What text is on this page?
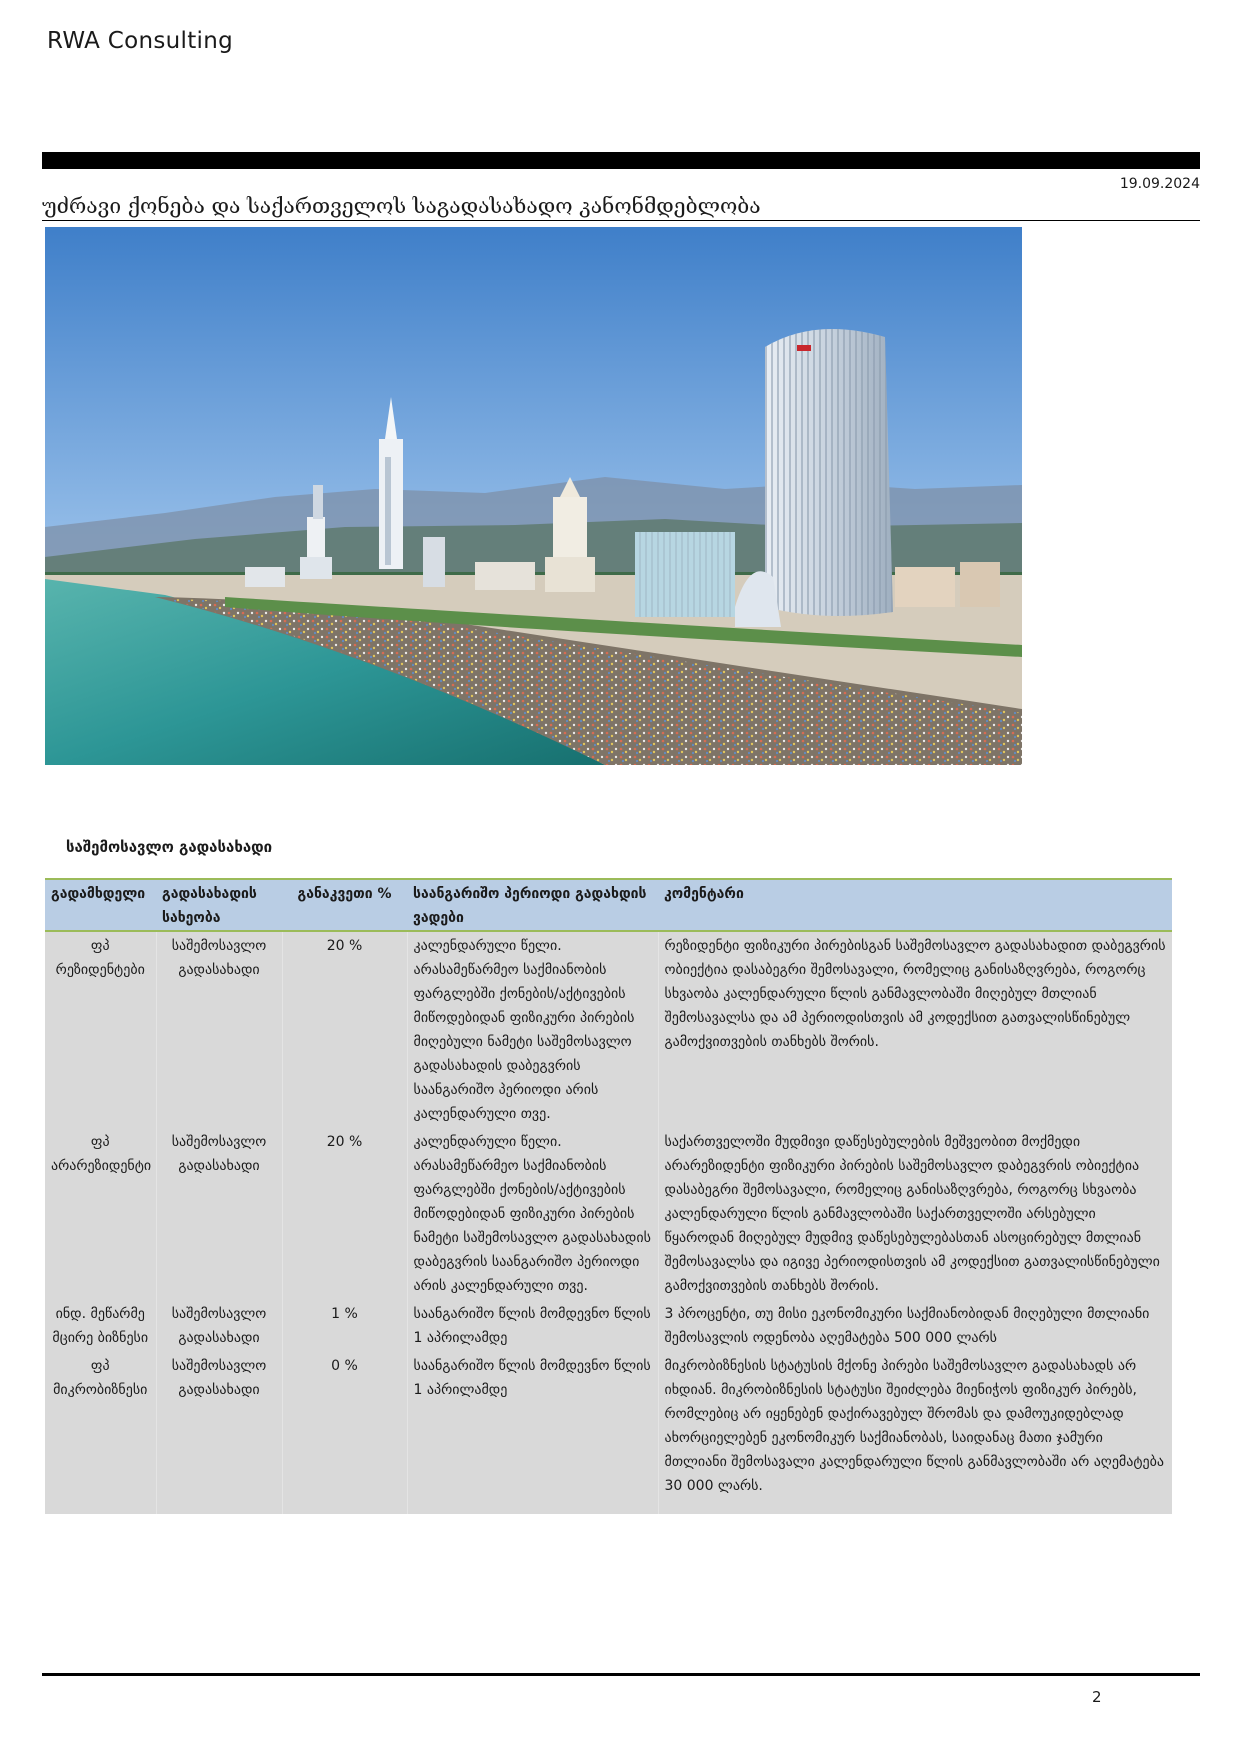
RWA Consulting
19.09.2024
უძრავი ქონება და საქართველოს საგადასახადო კანონმდებლობა
საშემოსავლო გადასახადი
გადამხდელი	გადასახადის სახეობა	განაკვეთი %	საანგარიშო პერიოდი გადახდის ვადები	კომენტარი
ფპ რეზიდენტები	საშემოსავლო გადასახადი	20 %	კალენდარული წელი. არასამეწარმეო საქმიანობის ფარგლებში ქონების/აქტივების მიწოდებიდან ფიზიკური პირების მიღებული ნამეტი საშემოსავლო გადასახადის დაბეგვრის საანგარიშო პერიოდი არის კალენდარული თვე.	რეზიდენტი ფიზიკური პირებისგან საშემოსავლო გადასახადით დაბეგვრის ობიექტია დასაბეგრი შემოსავალი, რომელიც განისაზღვრება, როგორც სხვაობა კალენდარული წლის განმავლობაში მიღებულ მთლიან შემოსავალსა და ამ პერიოდისთვის ამ კოდექსით გათვალისწინებულ გამოქვითვების თანხებს შორის.
ფპ არარეზიდენტი	საშემოსავლო გადასახადი	20 %	კალენდარული წელი. არასამეწარმეო საქმიანობის ფარგლებში ქონების/აქტივების მიწოდებიდან ფიზიკური პირების ნამეტი საშემოსავლო გადასახადის დაბეგვრის საანგარიშო პერიოდი არის კალენდარული თვე.	საქართველოში მუდმივი დაწესებულების მეშვეობით მოქმედი არარეზიდენტი ფიზიკური პირების საშემოსავლო დაბეგვრის ობიექტია დასაბეგრი შემოსავალი, რომელიც განისაზღვრება, როგორც სხვაობა კალენდარული წლის განმავლობაში საქართველოში არსებული წყაროდან მიღებულ მუდმივ დაწესებულებასთან ასოცირებულ მთლიან შემოსავალსა და იგივე პერიოდისთვის ამ კოდექსით გათვალისწინებული გამოქვითვების თანხებს შორის.
ინდ. მეწარმე მცირე ბიზნესი	საშემოსავლო გადასახადი	1 %	საანგარიშო წლის მომდევნო წლის 1 აპრილამდე	3 პროცენტი, თუ მისი ეკონომიკური საქმიანობიდან მიღებული მთლიანი შემოსავლის ოდენობა აღემატება 500 000 ლარს
ფპ მიკრობიზნესი	საშემოსავლო გადასახადი	0 %	საანგარიშო წლის მომდევნო წლის 1 აპრილამდე	მიკრობიზნესის სტატუსის მქონე პირები საშემოსავლო გადასახადს არ იხდიან. მიკრობიზნესის სტატუსი შეიძლება მიენიჭოს ფიზიკურ პირებს, რომლებიც არ იყენებენ დაქირავებულ შრომას და დამოუკიდებლად ახორციელებენ ეკონომიკურ საქმიანობას, საიდანაც მათი ჯამური მთლიანი შემოსავალი კალენდარული წლის განმავლობაში არ აღემატება 30 000 ლარს.
2
